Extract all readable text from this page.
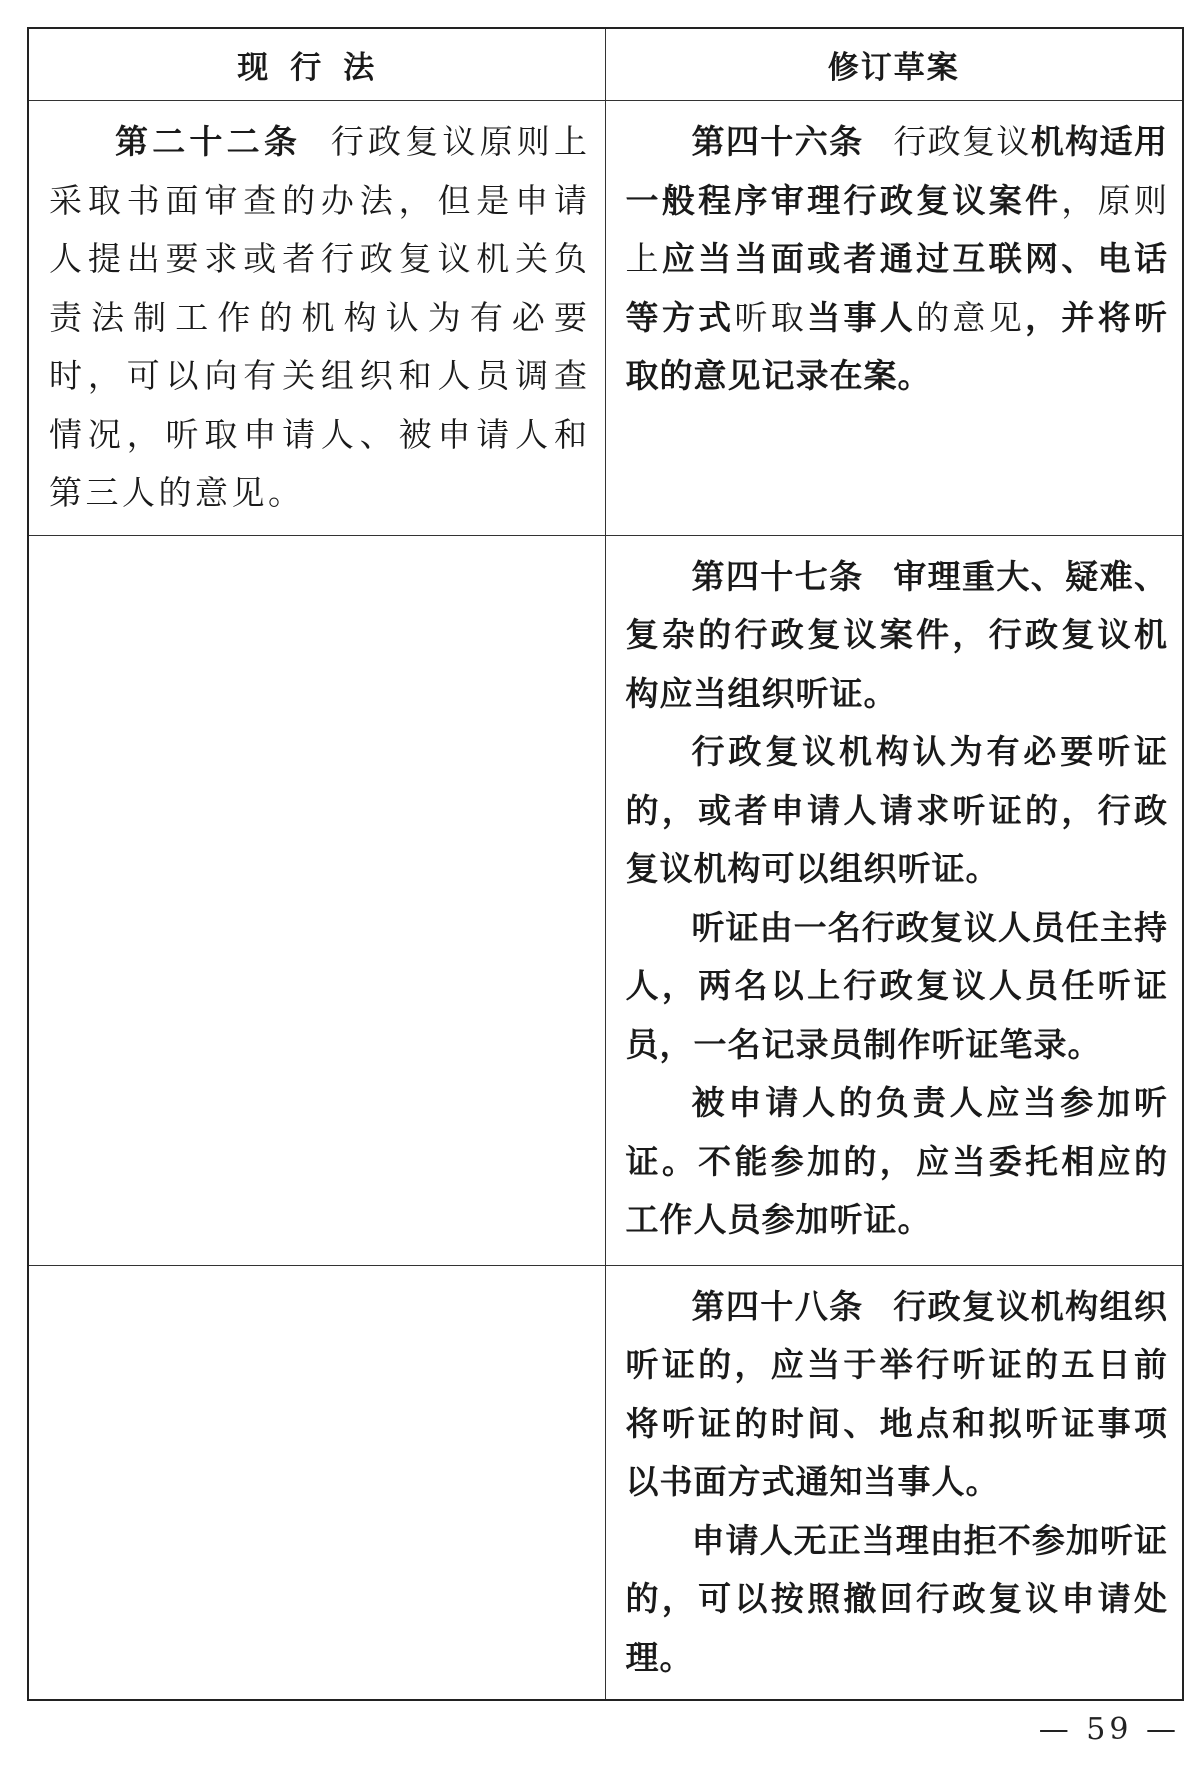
现行法	修订草案

第二十二条 行政复议原则上采取书面审查的办法，但是申请人提出要求或者行政复议机关负责法制工作的机构认为有必要时，可以向有关组织和人员调查情况，听取申请人、被申请人和第三人的意见。	第四十六条 行政复议机构适用一般程序审理行政复议案件，原则上应当当面或者通过互联网、电话等方式听取当事人的意见，并将听取的意见记录在案。

	第四十七条 审理重大、疑难、复杂的行政复议案件，行政复议机构应当组织听证。

行政复议机构认为有必要听证的，或者申请人请求听证的，行政复议机构可以组织听证。

听证由一名行政复议人员任主持人，两名以上行政复议人员任听证员，一名记录员制作听证笔录。

被申请人的负责人应当参加听证。不能参加的，应当委托相应的工作人员参加听证。

	第四十八条 行政复议机构组织听证的，应当于举行听证的五日前将听证的时间、地点和拟听证事项以书面方式通知当事人。

申请人无正当理由拒不参加听证的，可以按照撤回行政复议申请处理。

— 59 —
